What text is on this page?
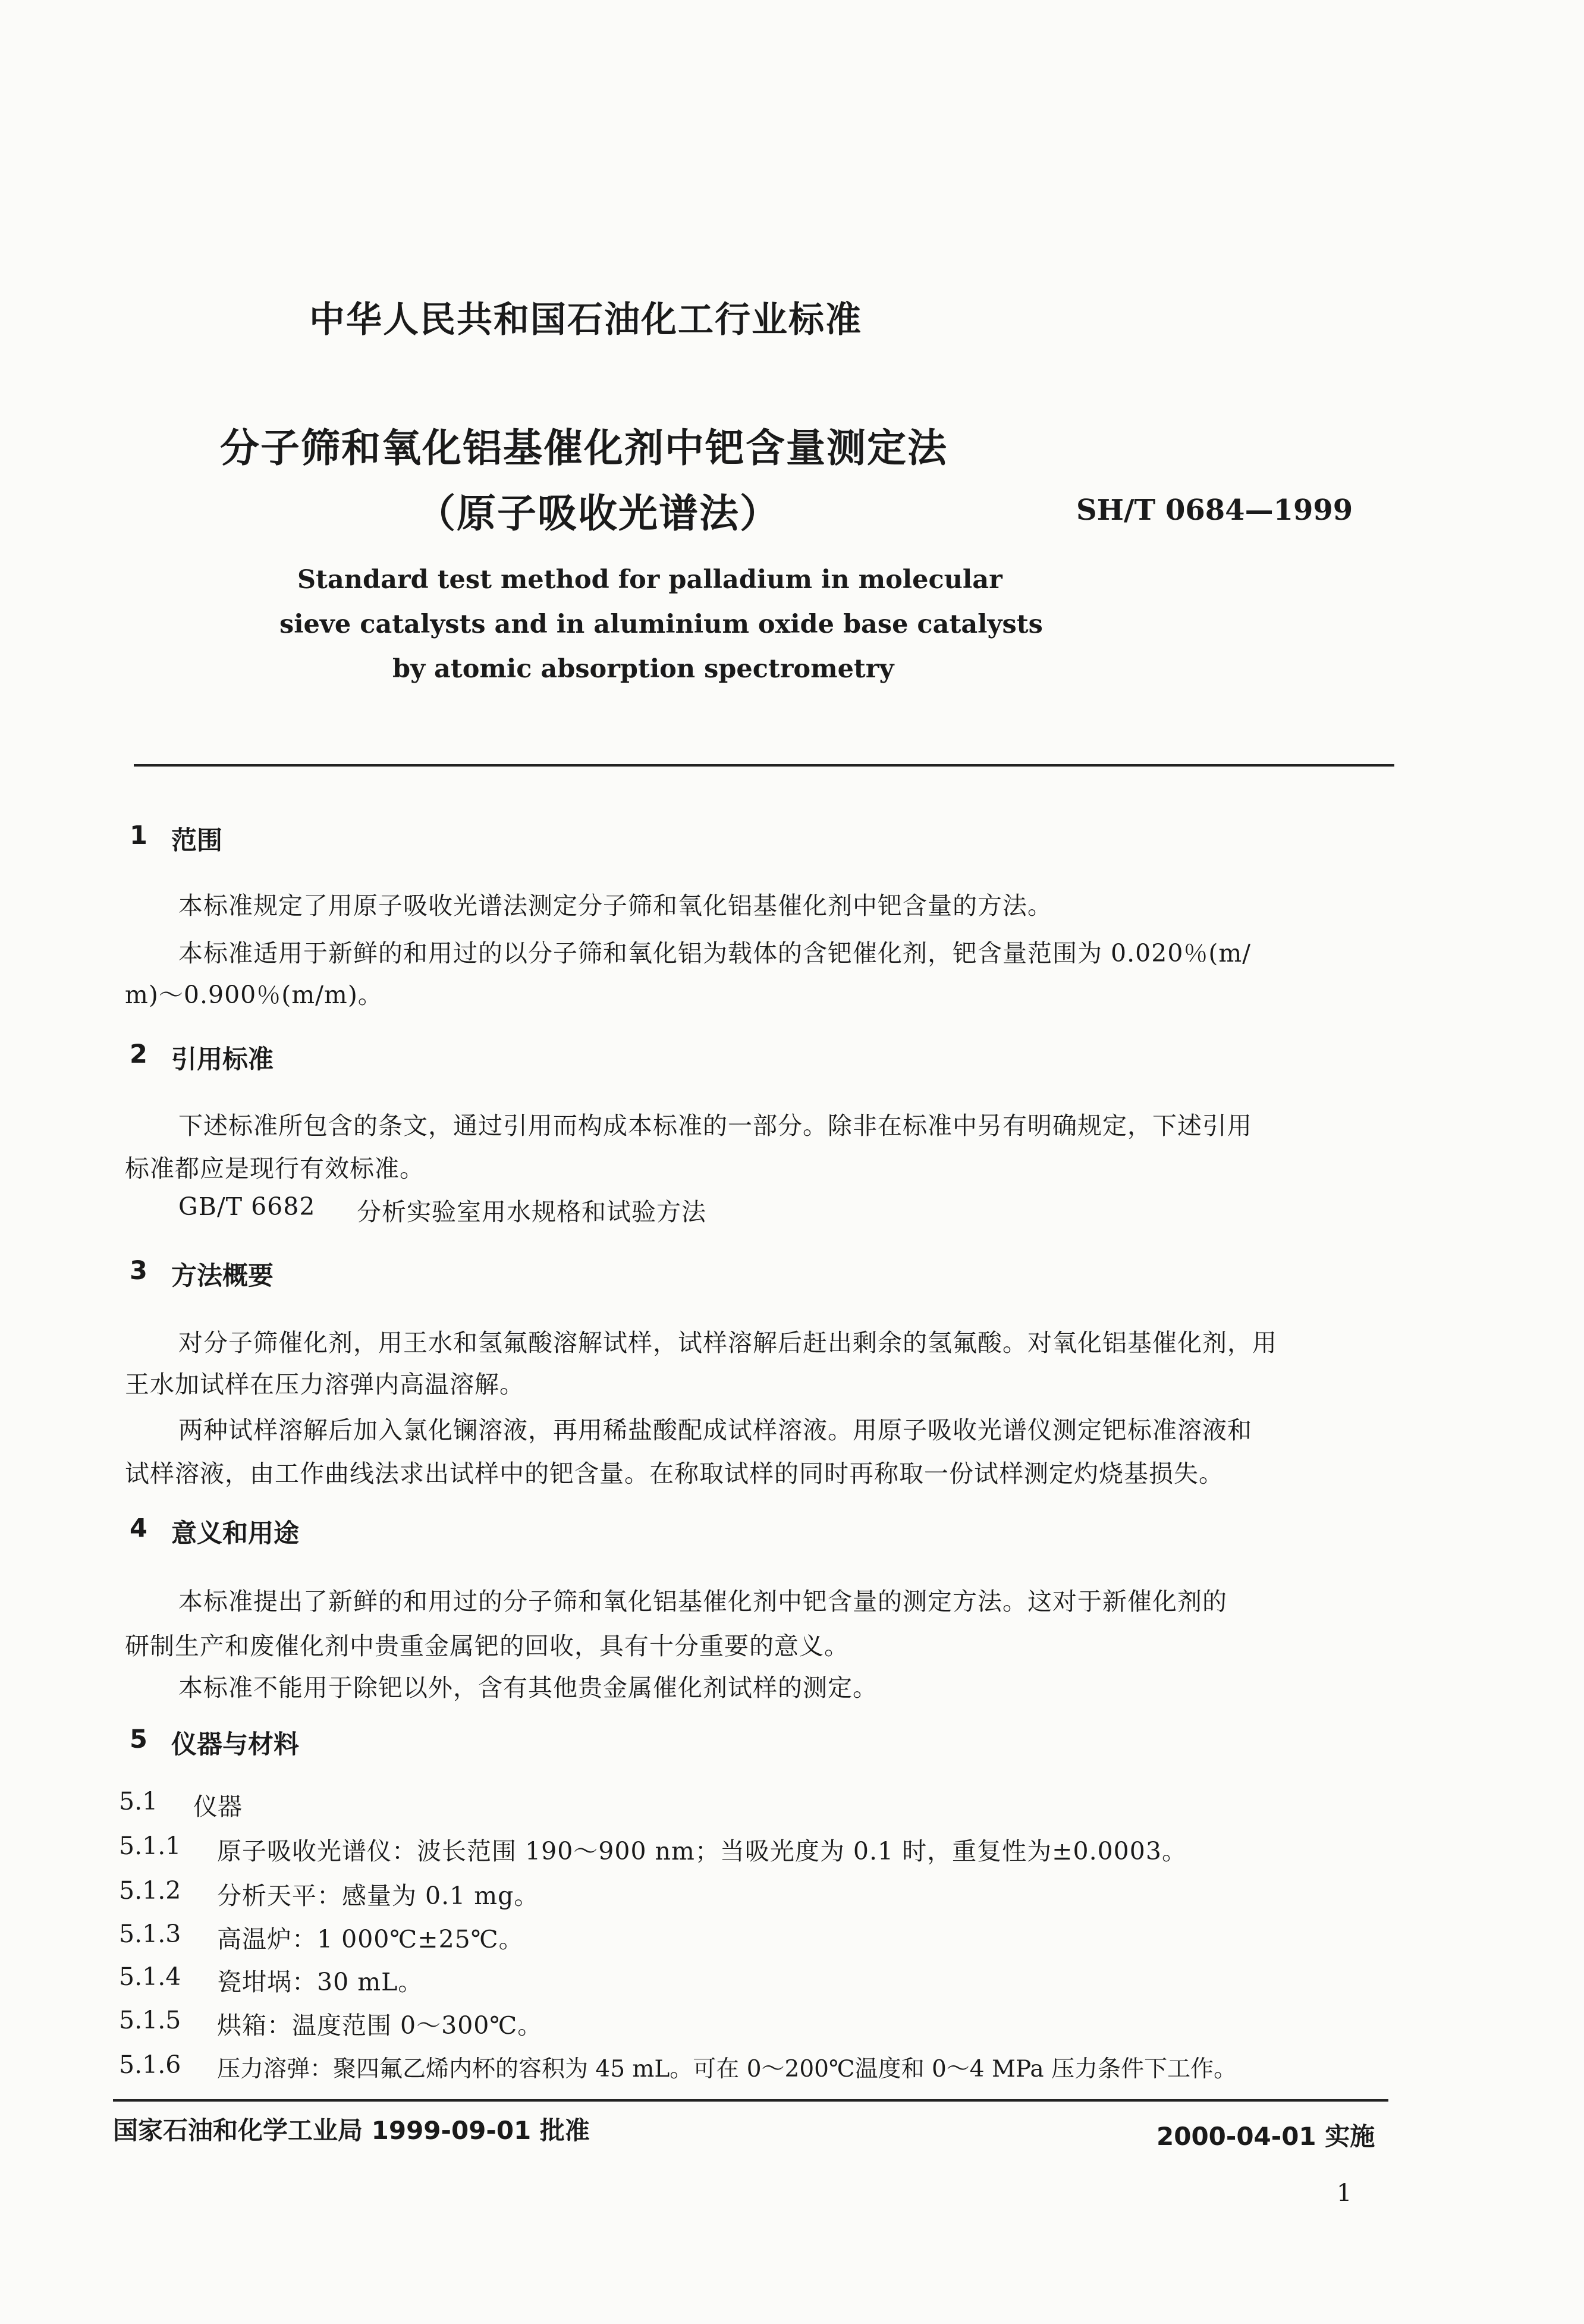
中华人民共和国石油化工行业标准
分子筛和氧化铝基催化剂中钯含量测定法
（原子吸收光谱法）	SH/T 0684—1999
Standard test method for palladium in molecular
sieve catalysts and in aluminium oxide base catalysts
by atomic absorption spectrometry
1 范围
本标准规定了用原子吸收光谱法测定分子筛和氧化铝基催化剂中钯含量的方法。
本标准适用于新鲜的和用过的以分子筛和氧化铝为载体的含钯催化剂，钯含量范围为 0.020％(m/
m)～0.900％(m/m)。
2 引用标准
下述标准所包含的条文，通过引用而构成本标准的一部分。除非在标准中另有明确规定，下述引用
标准都应是现行有效标准。
GB/T 6682 分析实验室用水规格和试验方法
3 方法概要
对分子筛催化剂，用王水和氢氟酸溶解试样，试样溶解后赶出剩余的氢氟酸。对氧化铝基催化剂，用
王水加试样在压力溶弹内高温溶解。
两种试样溶解后加入氯化镧溶液，再用稀盐酸配成试样溶液。用原子吸收光谱仪测定钯标准溶液和
试样溶液，由工作曲线法求出试样中的钯含量。在称取试样的同时再称取一份试样测定灼烧基损失。
4 意义和用途
本标准提出了新鲜的和用过的分子筛和氧化铝基催化剂中钯含量的测定方法。这对于新催化剂的
研制生产和废催化剂中贵重金属钯的回收，具有十分重要的意义。
本标准不能用于除钯以外，含有其他贵金属催化剂试样的测定。
5 仪器与材料
5.1 仪器
5.1.1 原子吸收光谱仪：波长范围 190～900 nm；当吸光度为 0.1 时，重复性为±0.0003。
5.1.2 分析天平：感量为 0.1 mg。
5.1.3 高温炉：1 000℃±25℃。
5.1.4 瓷坩埚：30 mL。
5.1.5 烘箱：温度范围 0～300℃。
5.1.6 压力溶弹：聚四氟乙烯内杯的容积为 45 mL。可在 0～200℃温度和 0～4 MPa 压力条件下工作。
国家石油和化学工业局 1999-09-01 批准	2000-04-01 实施
1
